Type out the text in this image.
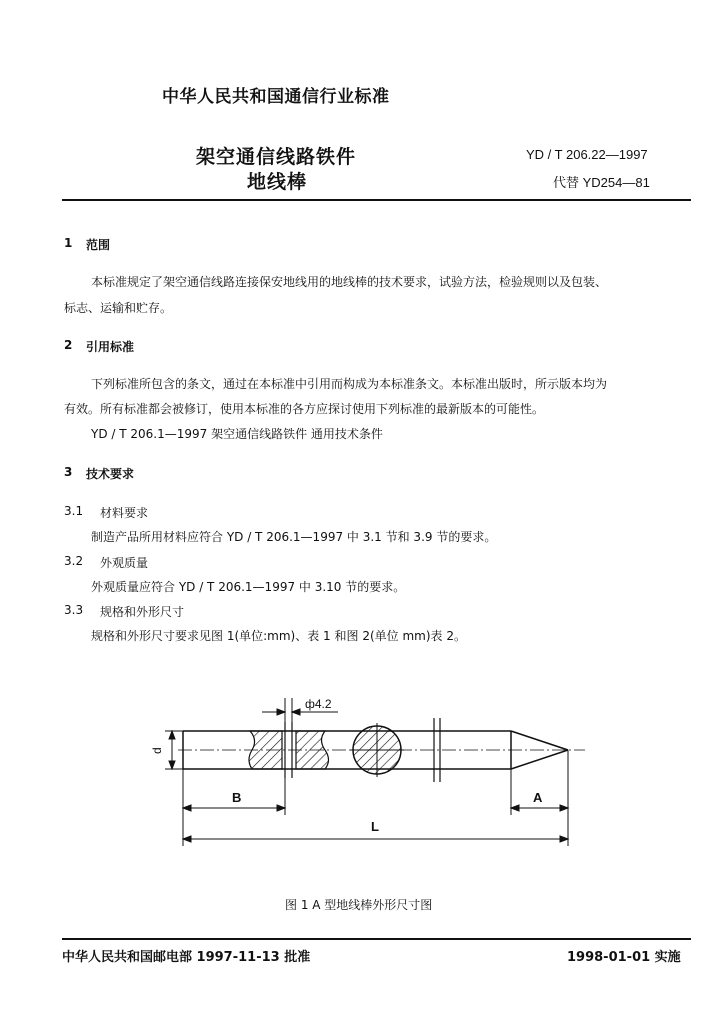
中华人民共和国通信行业标准
架空通信线路铁件
地线棒
YD / T 206.22—1997
代替 YD254—81
1 范围
本标准规定了架空通信线路连接保安地线用的地线棒的技术要求，试验方法，检验规则以及包装、
标志、运输和贮存。
2 引用标准
下列标准所包含的条文，通过在本标准中引用而构成为本标准条文。本标准出版时，所示版本均为
有效。所有标准都会被修订，使用本标准的各方应探讨使用下列标准的最新版本的可能性。
YD / T 206.1—1997 架空通信线路铁件 通用技术条件
3 技术要求
3.1 材料要求
制造产品所用材料应符合 YD / T 206.1—1997 中 3.1 节和 3.9 节的要求。
3.2 外观质量
外观质量应符合 YD / T 206.1—1997 中 3.10 节的要求。
3.3 规格和外形尺寸
规格和外形尺寸要求见图 1(单位:mm)、表 1 和图 2(单位 mm)表 2。
ф4.2
d
B	A
L
图 1 A 型地线棒外形尺寸图
中华人民共和国邮电部 1997-11-13 批准	1998-01-01 实施
